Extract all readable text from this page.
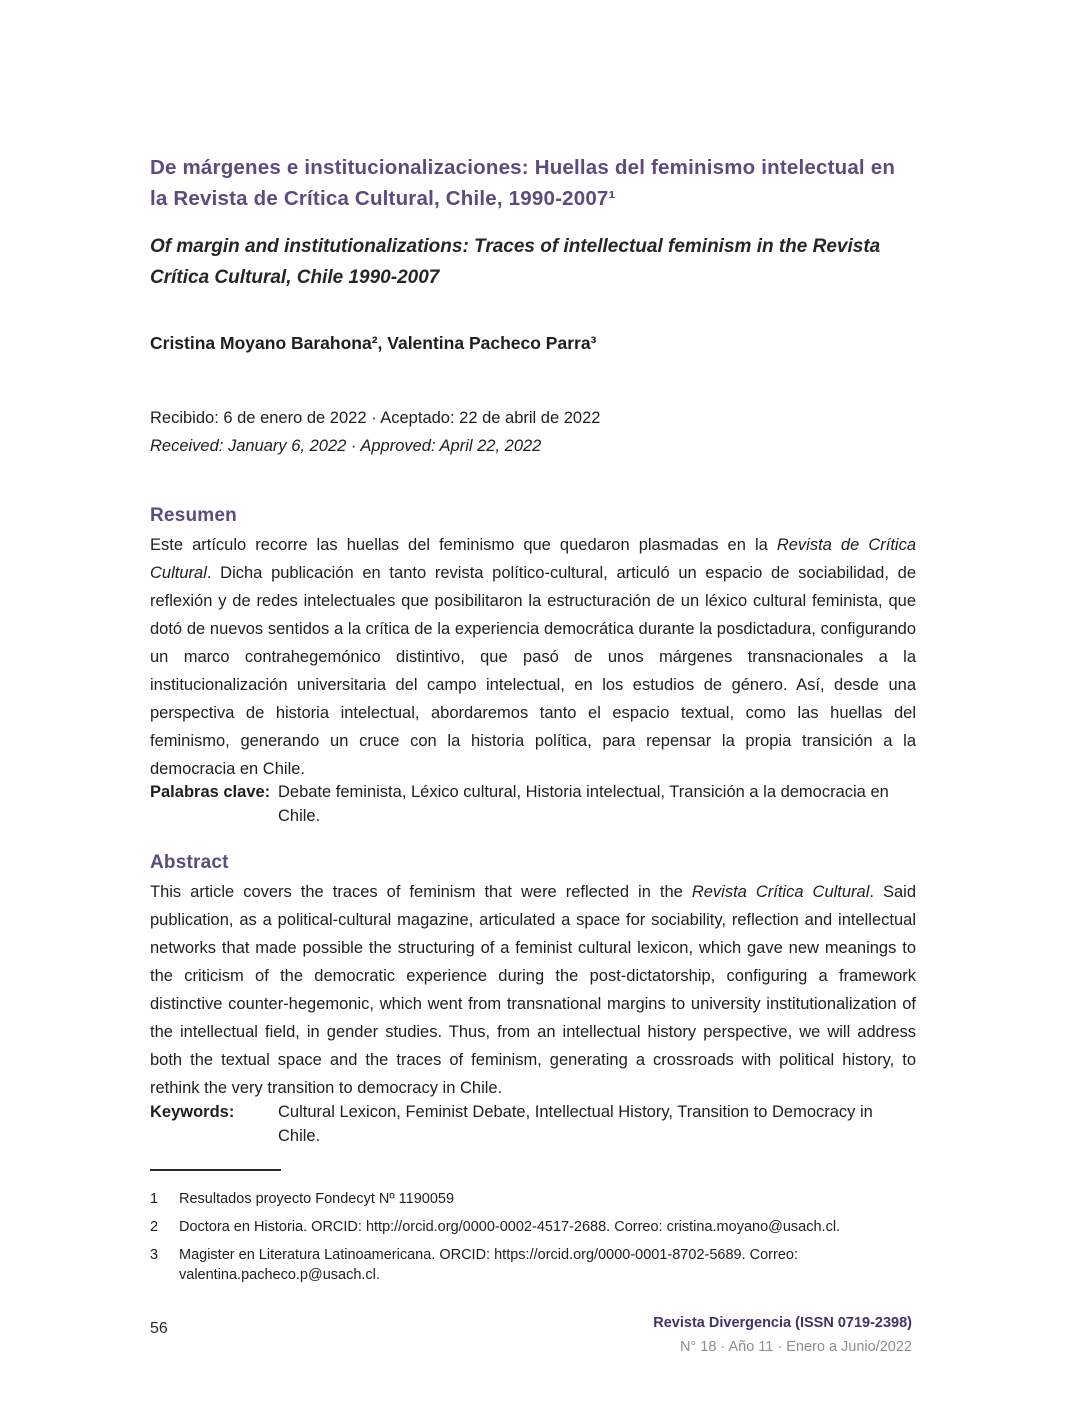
De márgenes e institucionalizaciones: Huellas del feminismo intelectual en la Revista de Crítica Cultural, Chile, 1990-2007¹
Of margin and institutionalizations: Traces of intellectual feminism in the Revista Crítica Cultural, Chile 1990-2007
Cristina Moyano Barahona², Valentina Pacheco Parra³
Recibido: 6 de enero de 2022 · Aceptado: 22 de abril de 2022
Received: January 6, 2022 · Approved: April 22, 2022
Resumen

Este artículo recorre las huellas del feminismo que quedaron plasmadas en la Revista de Crítica Cultural. Dicha publicación en tanto revista político-cultural, articuló un espacio de sociabilidad, de reflexión y de redes intelectuales que posibilitaron la estructuración de un léxico cultural feminista, que dotó de nuevos sentidos a la crítica de la experiencia democrática durante la posdictadura, configurando un marco contrahegemónico distintivo, que pasó de unos márgenes transnacionales a la institucionalización universitaria del campo intelectual, en los estudios de género. Así, desde una perspectiva de historia intelectual, abordaremos tanto el espacio textual, como las huellas del feminismo, generando un cruce con la historia política, para repensar la propia transición a la democracia en Chile.

Palabras clave: Debate feminista, Léxico cultural, Historia intelectual, Transición a la democracia en Chile.
Abstract

This article covers the traces of feminism that were reflected in the Revista Crítica Cultural. Said publication, as a political-cultural magazine, articulated a space for sociability, reflection and intellectual networks that made possible the structuring of a feminist cultural lexicon, which gave new meanings to the criticism of the democratic experience during the post-dictatorship, configuring a framework distinctive counter-hegemonic, which went from transnational margins to university institutionalization of the intellectual field, in gender studies. Thus, from an intellectual history perspective, we will address both the textual space and the traces of feminism, generating a crossroads with political history, to rethink the very transition to democracy in Chile.

Keywords:	Cultural Lexicon, Feminist Debate, Intellectual History, Transition to Democracy in Chile.
1	Resultados proyecto Fondecyt Nº 1190059
2	Doctora en Historia. ORCID: http://orcid.org/0000-0002-4517-2688. Correo: cristina.moyano@usach.cl.
3	Magister en Literatura Latinoamericana. ORCID: https://orcid.org/0000-0001-8702-5689. Correo: valentina.pacheco.p@usach.cl.
56	Revista Divergencia (ISSN 0719-2398)
N° 18 · Año 11 · Enero a Junio/2022
